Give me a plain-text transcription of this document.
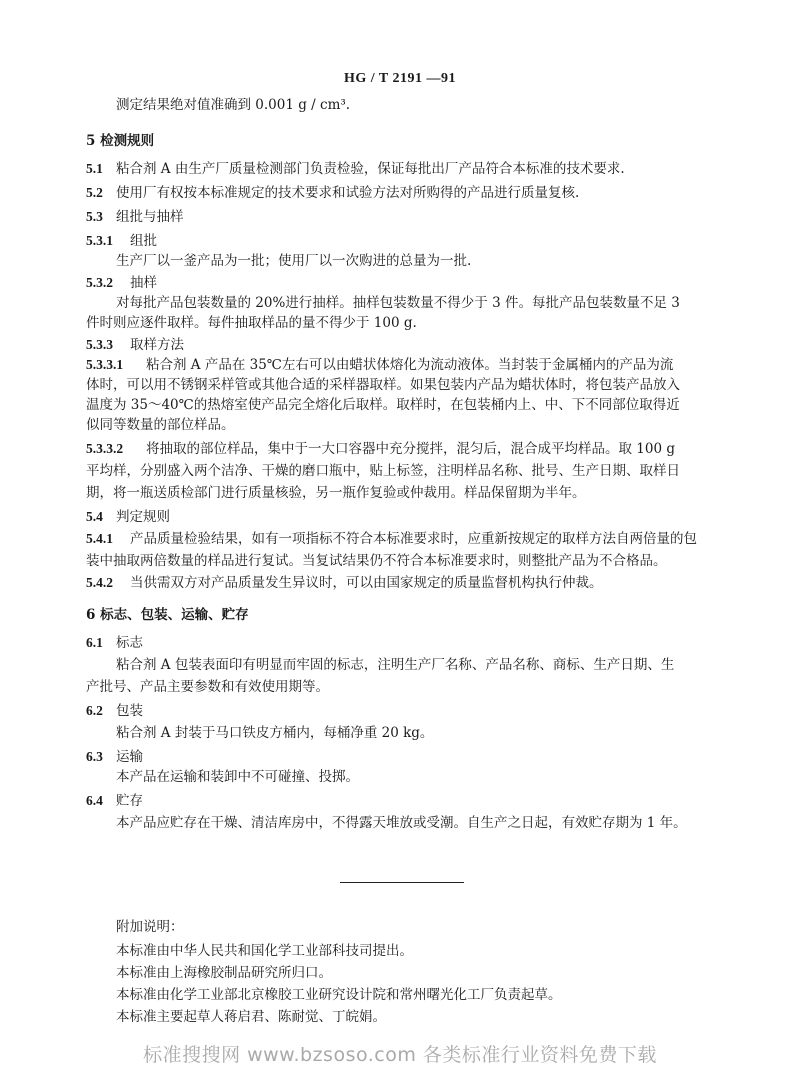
HG / T 2191 —91
测定结果绝对值准确到 0.001 g / cm³.
5 检测规则
5.1 粘合剂 A 由生产厂质量检测部门负责检验，保证每批出厂产品符合本标准的技术要求.
5.2 使用厂有权按本标准规定的技术要求和试验方法对所购得的产品进行质量复核.
5.3 组批与抽样
5.3.1 组批
生产厂以一釜产品为一批；使用厂以一次购进的总量为一批.
5.3.2 抽样
对每批产品包装数量的 20%进行抽样。抽样包装数量不得少于 3 件。每批产品包装数量不足 3
件时则应逐件取样。每件抽取样品的量不得少于 100 g.
5.3.3 取样方法
5.3.3.1 粘合剂 A 产品在 35℃左右可以由蜡状体熔化为流动液体。当封装于金属桶内的产品为流
体时，可以用不锈钢采样管或其他合适的采样器取样。如果包装内产品为蜡状体时，将包装产品放入
温度为 35～40℃的热熔室使产品完全熔化后取样。取样时，在包装桶内上、中、下不同部位取得近
似同等数量的部位样品。
5.3.3.2 将抽取的部位样品，集中于一大口容器中充分搅拌，混匀后，混合成平均样品。取 100 g
平均样，分别盛入两个洁净、干燥的磨口瓶中，贴上标签，注明样品名称、批号、生产日期、取样日
期，将一瓶送质检部门进行质量核验，另一瓶作复验或仲裁用。样品保留期为半年。
5.4 判定规则
5.4.1 产品质量检验结果，如有一项指标不符合本标准要求时，应重新按规定的取样方法自两倍量的包
装中抽取两倍数量的样品进行复试。当复试结果仍不符合本标准要求时，则整批产品为不合格品。
5.4.2 当供需双方对产品质量发生异议时，可以由国家规定的质量监督机构执行仲裁。
6 标志、包装、运输、贮存
6.1 标志
粘合剂 A 包装表面印有明显而牢固的标志，注明生产厂名称、产品名称、商标、生产日期、生
产批号、产品主要参数和有效使用期等。
6.2 包装
粘合剂 A 封装于马口铁皮方桶内，每桶净重 20 kg。
6.3 运输
本产品在运输和装卸中不可碰撞、投掷。
6.4 贮存
本产品应贮存在干燥、清洁库房中，不得露天堆放或受潮。自生产之日起，有效贮存期为 1 年。
附加说明：
本标准由中华人民共和国化学工业部科技司提出。
本标准由上海橡胶制品研究所归口。
本标准由化学工业部北京橡胶工业研究设计院和常州曙光化工厂负责起草。
本标准主要起草人蒋启君、陈耐觉、丁皖娟。
标准搜搜网 www.bzsoso.com 各类标准行业资料免费下载
